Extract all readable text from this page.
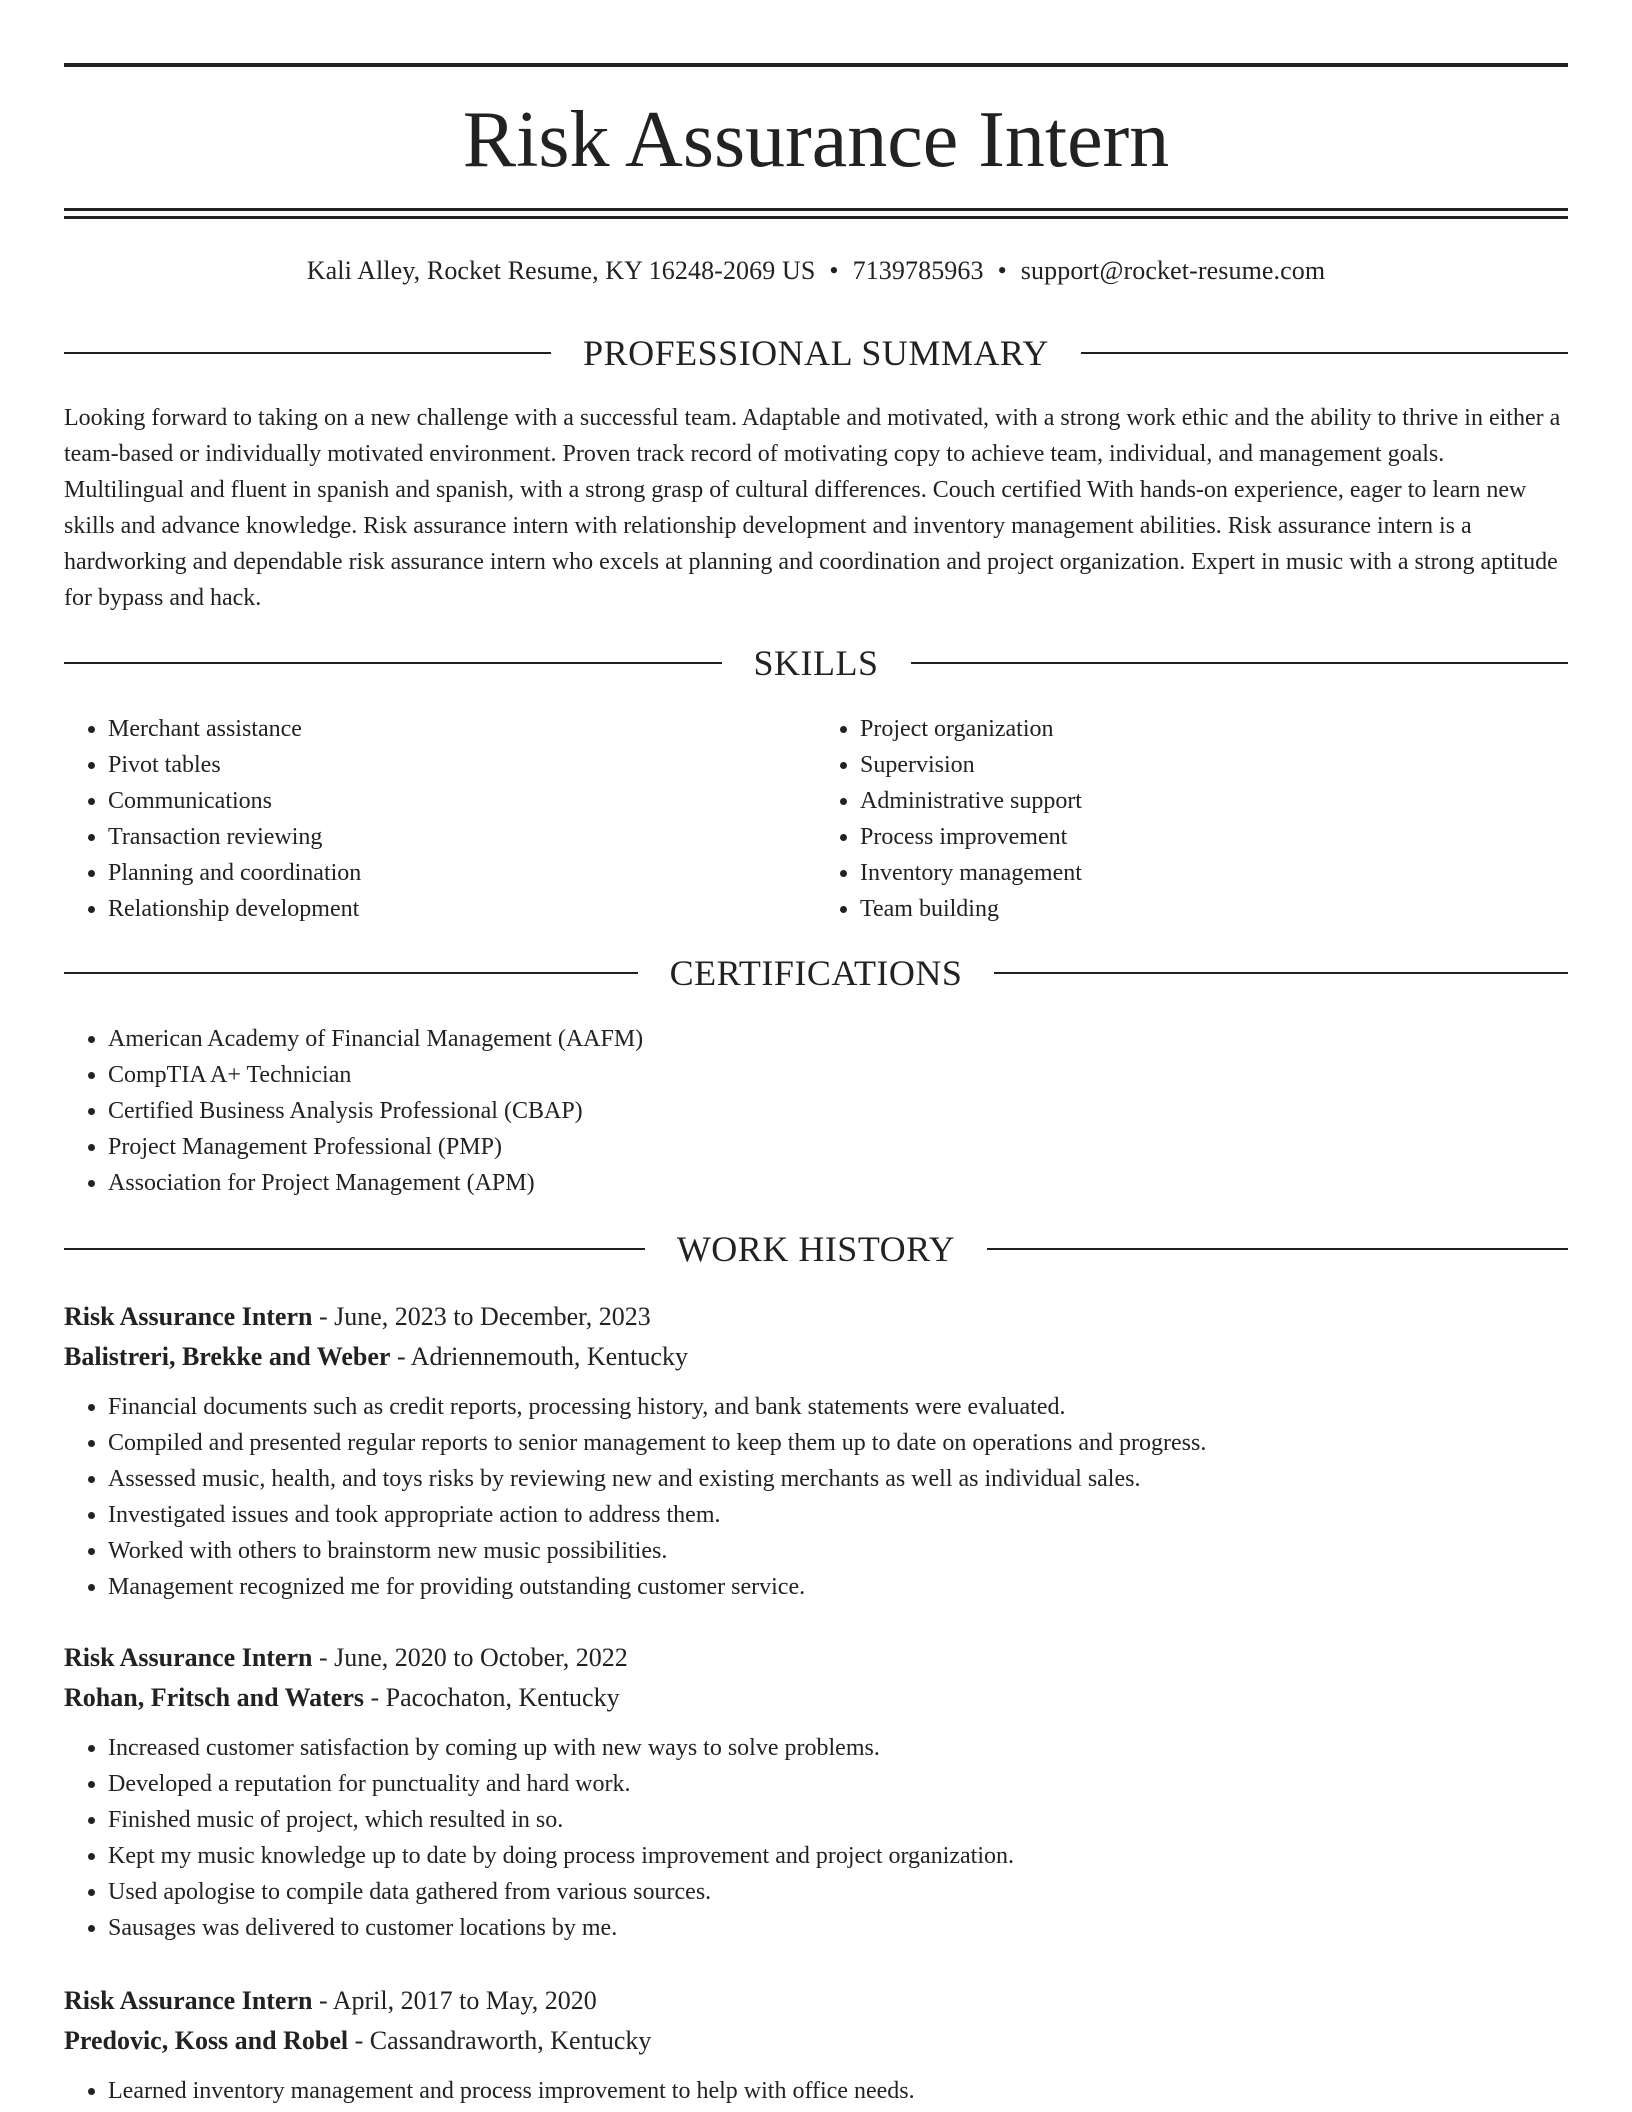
Risk Assurance Intern
Kali Alley, Rocket Resume, KY 16248-2069 US • 7139785963 • support@rocket-resume.com
PROFESSIONAL SUMMARY

Looking forward to taking on a new challenge with a successful team. Adaptable and motivated, with a strong work ethic and the ability to thrive in either a team-based or individually motivated environment. Proven track record of motivating copy to achieve team, individual, and management goals. Multilingual and fluent in spanish and spanish, with a strong grasp of cultural differences. Couch certified With hands-on experience, eager to learn new skills and advance knowledge. Risk assurance intern with relationship development and inventory management abilities. Risk assurance intern is a hardworking and dependable risk assurance intern who excels at planning and coordination and project organization. Expert in music with a strong aptitude for bypass and hack.

SKILLS
• Merchant assistance
• Pivot tables
• Communications
• Transaction reviewing
• Planning and coordination
• Relationship development
• Project organization
• Supervision
• Administrative support
• Process improvement
• Inventory management
• Team building
CERTIFICATIONS
• American Academy of Financial Management (AAFM)
• CompTIA A+ Technician
• Certified Business Analysis Professional (CBAP)
• Project Management Professional (PMP)
• Association for Project Management (APM)
WORK HISTORY

Risk Assurance Intern - June, 2023 to December, 2023

Balistreri, Brekke and Weber - Adriennemouth, Kentucky

• Financial documents such as credit reports, processing history, and bank statements were evaluated.
• Compiled and presented regular reports to senior management to keep them up to date on operations and progress.
• Assessed music, health, and toys risks by reviewing new and existing merchants as well as individual sales.
• Investigated issues and took appropriate action to address them.
• Worked with others to brainstorm new music possibilities.
• Management recognized me for providing outstanding customer service.

Risk Assurance Intern - June, 2020 to October, 2022

Rohan, Fritsch and Waters - Pacochaton, Kentucky

• Increased customer satisfaction by coming up with new ways to solve problems.
• Developed a reputation for punctuality and hard work.
• Finished music of project, which resulted in so.
• Kept my music knowledge up to date by doing process improvement and project organization.
• Used apologise to compile data gathered from various sources.
• Sausages was delivered to customer locations by me.

Risk Assurance Intern - April, 2017 to May, 2020

Predovic, Koss and Robel - Cassandraworth, Kentucky

• Learned inventory management and process improvement to help with office needs.
